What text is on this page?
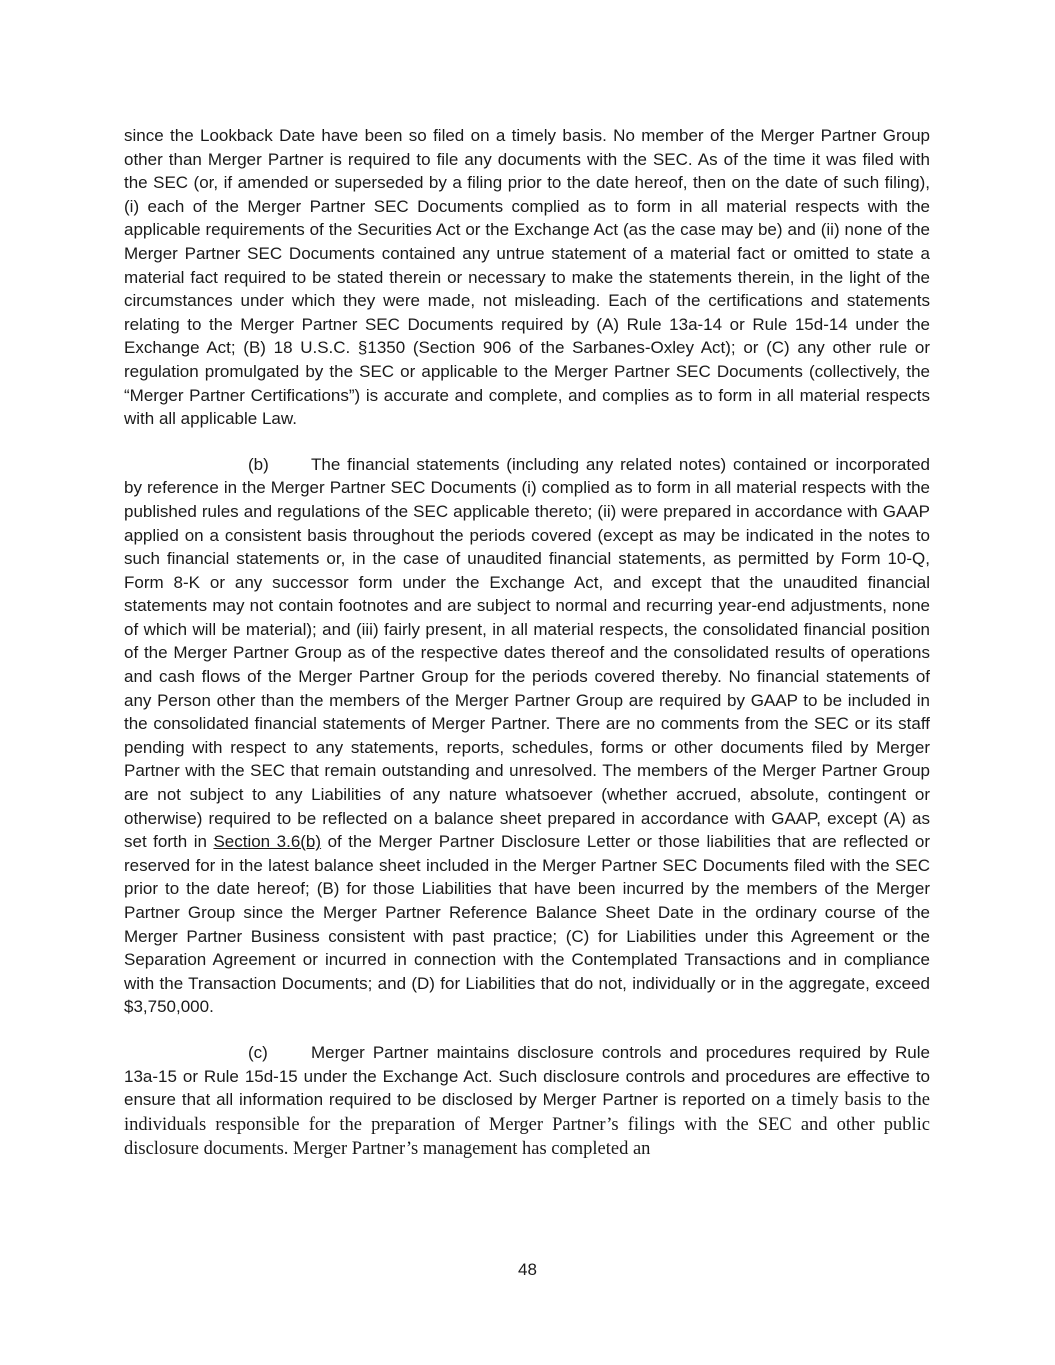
since the Lookback Date have been so filed on a timely basis. No member of the Merger Partner Group other than Merger Partner is required to file any documents with the SEC. As of the time it was filed with the SEC (or, if amended or superseded by a filing prior to the date hereof, then on the date of such filing), (i) each of the Merger Partner SEC Documents complied as to form in all material respects with the applicable requirements of the Securities Act or the Exchange Act (as the case may be) and (ii) none of the Merger Partner SEC Documents contained any untrue statement of a material fact or omitted to state a material fact required to be stated therein or necessary to make the statements therein, in the light of the circumstances under which they were made, not misleading. Each of the certifications and statements relating to the Merger Partner SEC Documents required by (A) Rule 13a-14 or Rule 15d-14 under the Exchange Act; (B) 18 U.S.C. §1350 (Section 906 of the Sarbanes-Oxley Act); or (C) any other rule or regulation promulgated by the SEC or applicable to the Merger Partner SEC Documents (collectively, the “Merger Partner Certifications”) is accurate and complete, and complies as to form in all material respects with all applicable Law.

(b) The financial statements (including any related notes) contained or incorporated by reference in the Merger Partner SEC Documents (i) complied as to form in all material respects with the published rules and regulations of the SEC applicable thereto; (ii) were prepared in accordance with GAAP applied on a consistent basis throughout the periods covered (except as may be indicated in the notes to such financial statements or, in the case of unaudited financial statements, as permitted by Form 10-Q, Form 8-K or any successor form under the Exchange Act, and except that the unaudited financial statements may not contain footnotes and are subject to normal and recurring year-end adjustments, none of which will be material); and (iii) fairly present, in all material respects, the consolidated financial position of the Merger Partner Group as of the respective dates thereof and the consolidated results of operations and cash flows of the Merger Partner Group for the periods covered thereby. No financial statements of any Person other than the members of the Merger Partner Group are required by GAAP to be included in the consolidated financial statements of Merger Partner. There are no comments from the SEC or its staff pending with respect to any statements, reports, schedules, forms or other documents filed by Merger Partner with the SEC that remain outstanding and unresolved. The members of the Merger Partner Group are not subject to any Liabilities of any nature whatsoever (whether accrued, absolute, contingent or otherwise) required to be reflected on a balance sheet prepared in accordance with GAAP, except (A) as set forth in Section 3.6(b) of the Merger Partner Disclosure Letter or those liabilities that are reflected or reserved for in the latest balance sheet included in the Merger Partner SEC Documents filed with the SEC prior to the date hereof; (B) for those Liabilities that have been incurred by the members of the Merger Partner Group since the Merger Partner Reference Balance Sheet Date in the ordinary course of the Merger Partner Business consistent with past practice; (C) for Liabilities under this Agreement or the Separation Agreement or incurred in connection with the Contemplated Transactions and in compliance with the Transaction Documents; and (D) for Liabilities that do not, individually or in the aggregate, exceed $3,750,000.

(c)	Merger Partner maintains disclosure controls and procedures required by Rule 13a-15 or Rule 15d-15 under the Exchange Act. Such disclosure controls and procedures are effective to ensure that all information required to be disclosed by Merger Partner is reported on a timely basis to the individuals responsible for the preparation of Merger Partner’s filings with the SEC and other public disclosure documents. Merger Partner’s management has completed an

48
